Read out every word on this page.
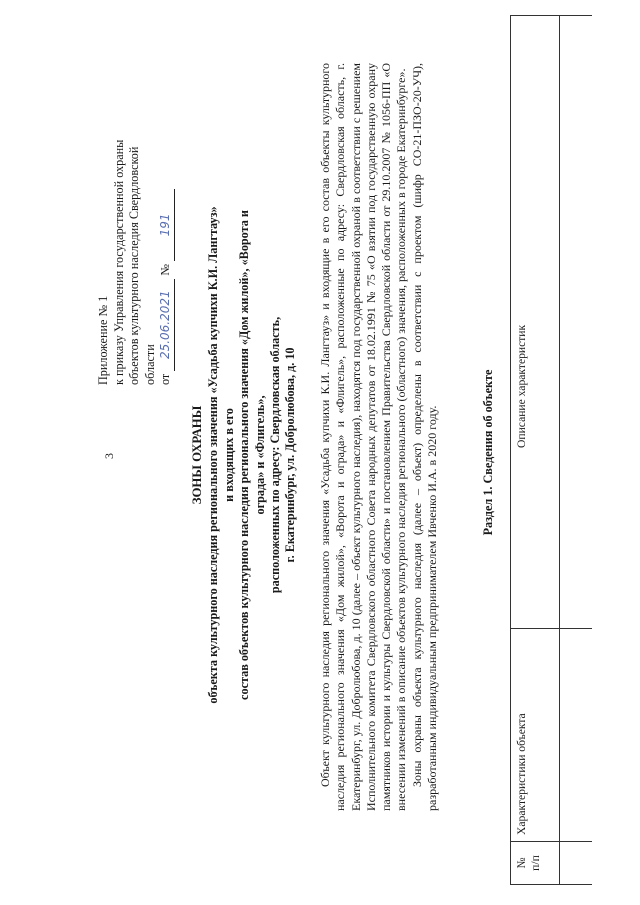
3
Приложение № 1 к приказу Управления государственной охраны объектов культурного наследия Свердловской области от 25.06.2021 № 191
ЗОНЫ ОХРАНЫ объекта культурного наследия регионального значения «Усадьба купчихи К.И. Лангтауз» и входящих в его состав объектов культурного наследия регионального значения «Дом жилой», «Ворота и ограда» и «Флигель», расположенных по адресу: Свердловская область, г. Екатеринбург, ул. Добролюбова, д. 10 Объект культурного наследия регионального значения «Усадьба купчихи К.И. Лангтауз» и входящие в его состав объекты культурного наследия регионального значения «Дом жилой», «Ворота и ограда» и «Флигель», расположенные по адресу: Свердловская область, г. Екатеринбург, ул. Добролюбова, д. 10 (далее – объект культурного наследия), находятся под государственной охраной в соответствии с решением Исполнительного комитета Свердловского областного Совета народных депутатов от 18.02.1991 № 75 «О взятии под государственную охрану памятников истории и культуры Свердловской области» и постановлением Правительства Свердловской области от 29.10.2007 № 1056-ПП «О внесении изменений в описание объектов культурного наследия регионального (областного) значения, расположенных в городе Екатеринбурге». Зоны охраны объекта культурного наследия (далее – объект) определены в соответствии с проектом (шифр СО-21-ПЗО-20-УЧ), разработанным индивидуальным предпринимателем Ивченко И.А. в 2020 году.	Раздел 1. Сведения об объекте
№
п/п	Характеристики объекта	Описание характеристик
